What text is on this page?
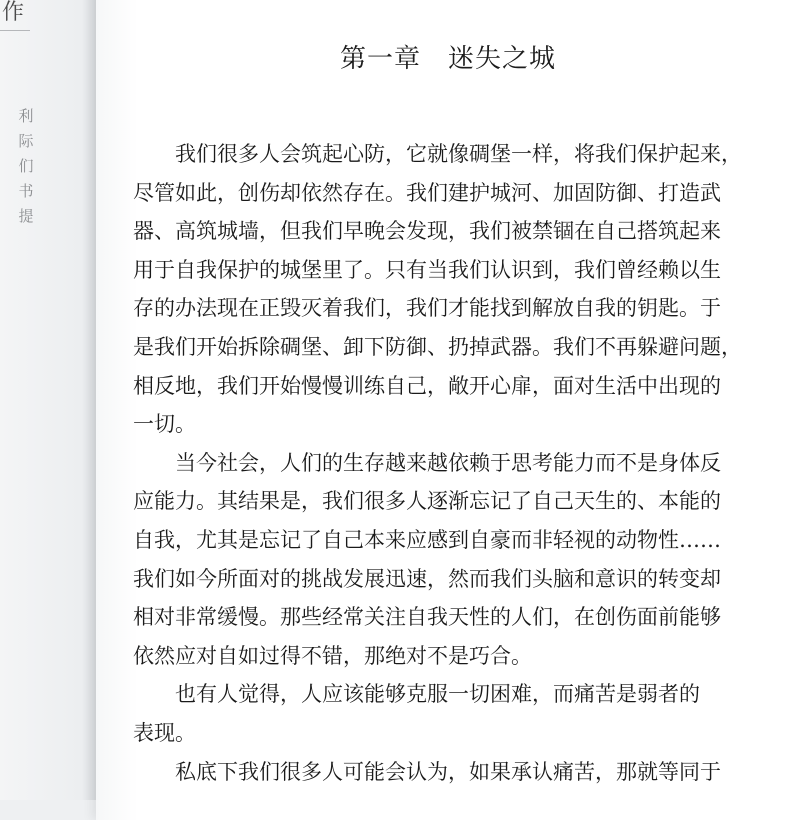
作
利
际
们
书
提
第一章　迷失之城
我们很多人会筑起心防，它就像碉堡一样，将我们保护起来，
尽管如此，创伤却依然存在。我们建护城河、加固防御、打造武
器、高筑城墙，但我们早晚会发现，我们被禁锢在自己搭筑起来
用于自我保护的城堡里了。只有当我们认识到，我们曾经赖以生
存的办法现在正毁灭着我们，我们才能找到解放自我的钥匙。于
是我们开始拆除碉堡、卸下防御、扔掉武器。我们不再躲避问题，
相反地，我们开始慢慢训练自己，敞开心扉，面对生活中出现的
一切。
当今社会，人们的生存越来越依赖于思考能力而不是身体反
应能力。其结果是，我们很多人逐渐忘记了自己天生的、本能的
自我，尤其是忘记了自己本来应感到自豪而非轻视的动物性……
我们如今所面对的挑战发展迅速，然而我们头脑和意识的转变却
相对非常缓慢。那些经常关注自我天性的人们，在创伤面前能够
依然应对自如过得不错，那绝对不是巧合。
也有人觉得，人应该能够克服一切困难，而痛苦是弱者的
表现。
私底下我们很多人可能会认为，如果承认痛苦，那就等同于
